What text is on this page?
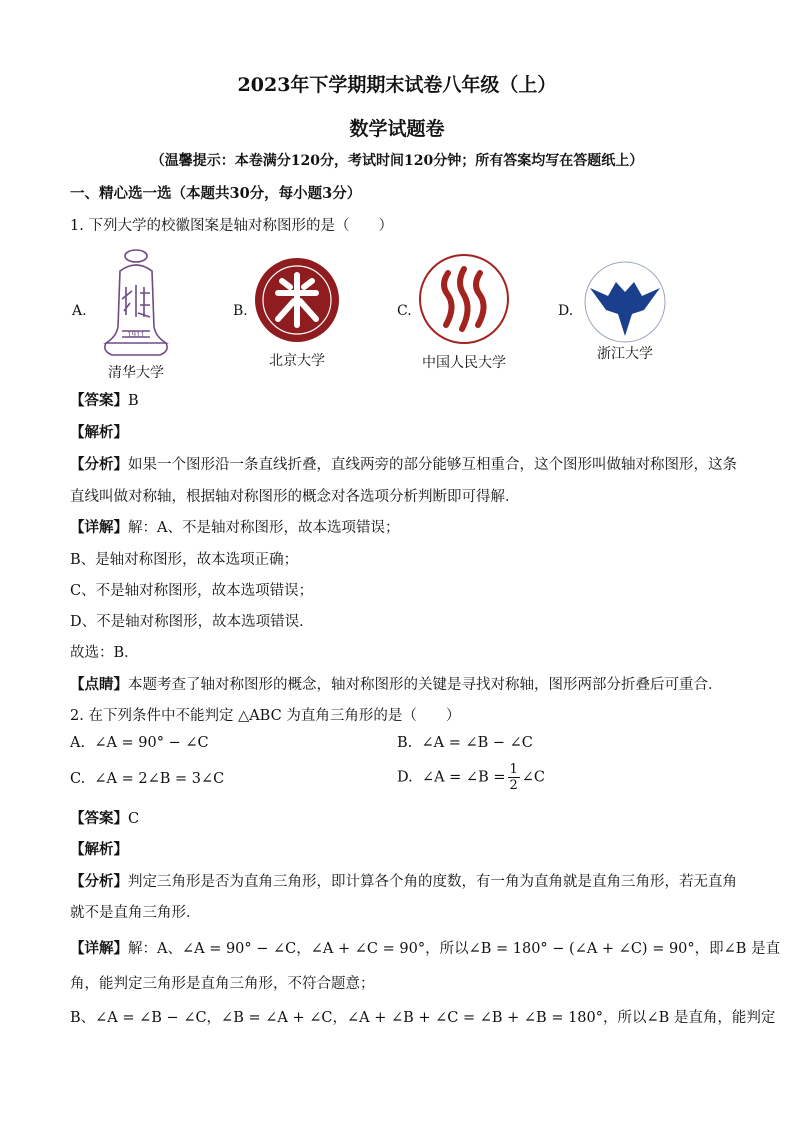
2023年下学期期末试卷八年级（上）
数学试题卷
（温馨提示：本卷满分120分，考试时间120分钟；所有答案均写在答题纸上）
一、精心选一选（本题共30分，每小题3分）
1. 下列大学的校徽图案是轴对称图形的是（　　）
A.
1911
清华大学
B.
北京大学
C.
中国人民大学
D.
浙江大学
【答案】B
【解析】
【分析】如果一个图形沿一条直线折叠，直线两旁的部分能够互相重合，这个图形叫做轴对称图形，这条
直线叫做对称轴，根据轴对称图形的概念对各选项分析判断即可得解．
【详解】解：A、不是轴对称图形，故本选项错误；
B、是轴对称图形，故本选项正确；
C、不是轴对称图形，故本选项错误；
D、不是轴对称图形，故本选项错误．
故选：B．
【点睛】本题考查了轴对称图形的概念，轴对称图形的关键是寻找对称轴，图形两部分折叠后可重合．
2. 在下列条件中不能判定 △ABC 为直角三角形的是（　　）
A. ∠A = 90° − ∠C	B. ∠A = ∠B − ∠C
C. ∠A = 2∠B = 3∠C	D. ∠A = ∠B = $\frac{1}{2}$ ∠C
【答案】C
【解析】
【分析】判定三角形是否为直角三角形，即计算各个角的度数，有一角为直角就是直角三角形，若无直角
就不是直角三角形．
【详解】解：A、∠A = 90° − ∠C，∠A + ∠C = 90°，所以∠B = 180° − (∠A + ∠C) = 90°，即∠B 是直
角，能判定三角形是直角三角形，不符合题意；
B、∠A = ∠B − ∠C，∠B = ∠A + ∠C，∠A + ∠B + ∠C = ∠B + ∠B = 180°，所以∠B 是直角，能判定
